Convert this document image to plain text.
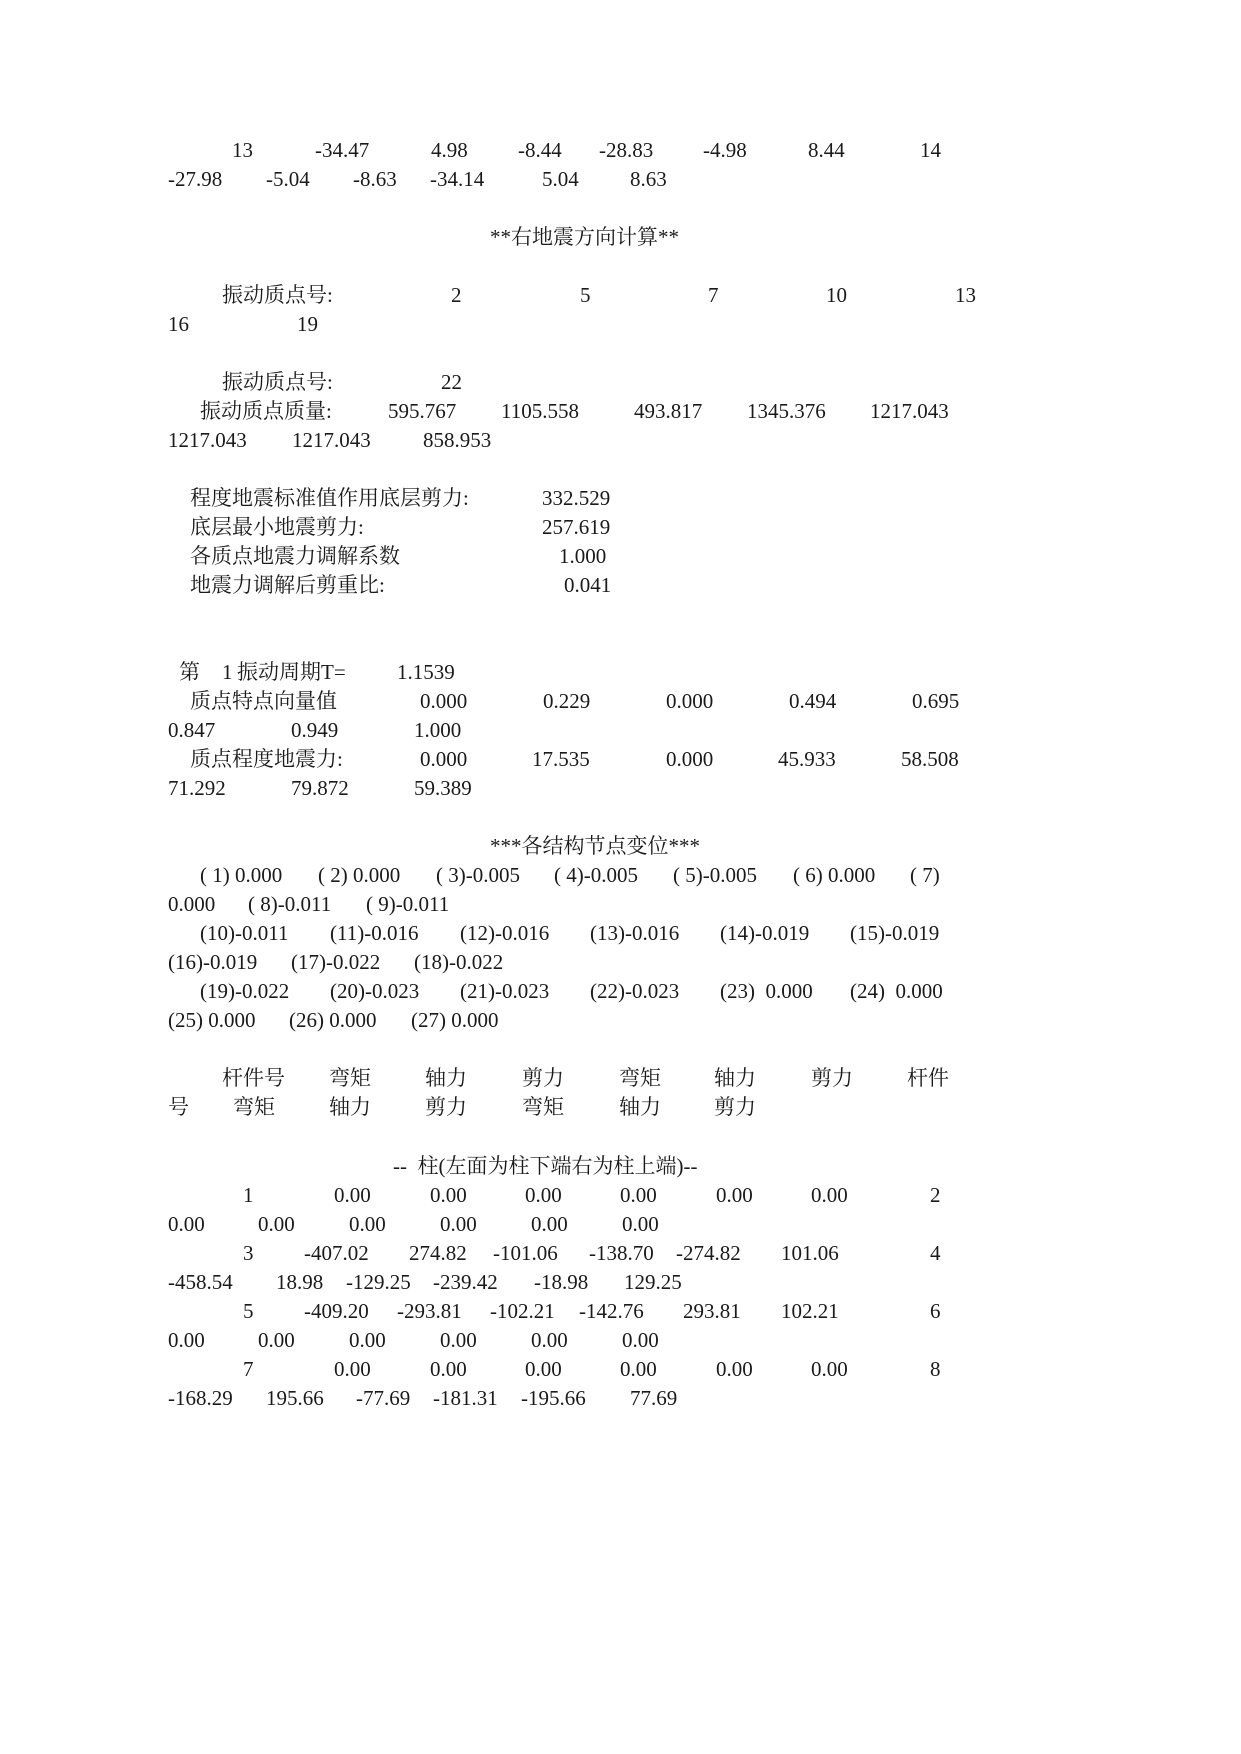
13	-34.47	4.98 -8.44 -28.83 -4.98	8.44	14
-27.98 -5.04 -8.63 -34.14	5.04 8.63
**右地震方向计算**
振动质点号:	2	5	7	10	13
16	19
振动质点号:	22
振动质点质量:	595.767 1105.558	493.817 1345.376 1217.043
1217.043 1217.043 858.953
程度地震标准值作用底层剪力:	332.529
底层最小地震剪力:	257.619
各质点地震力调解系数	1.000
地震力调解后剪重比:	0.041
第 1 振动周期T= 1.1539
质点特点向量值	0.000	0.229	0.000	0.494	0.695
0.847	0.949	1.000
质点程度地震力:	0.000	17.535	0.000	45.933	58.508
71.292	79.872	59.389
***各结构节点变位***
( 1) 0.000 ( 2) 0.000 ( 3)-0.005 ( 4)-0.005 ( 5)-0.005 ( 6) 0.000 ( 7)
0.000 ( 8)-0.011 ( 9)-0.011
(10)-0.011 (11)-0.016 (12)-0.016 (13)-0.016 (14)-0.019 (15)-0.019
(16)-0.019 (17)-0.022 (18)-0.022
(19)-0.022 (20)-0.023 (21)-0.023 (22)-0.023 (23)  0.000 (24)  0.000
(25) 0.000 (26) 0.000 (27) 0.000
杆件号 弯矩	轴力	剪力	弯矩	轴力	剪力	杆件
号 弯矩	轴力	剪力	弯矩	轴力	剪力
--  柱(左面为柱下端右为柱上端)--
1	0.00	0.00	0.00	0.00	0.00	0.00	2
0.00	0.00	0.00	0.00	0.00	0.00
3 -407.02 274.82 -101.06 -138.70 -274.82 101.06	4
-458.54 18.98 -129.25 -239.42 -18.98 129.25
5 -409.20 -293.81 -102.21 -142.76 293.81 102.21	6
0.00	0.00	0.00	0.00	0.00	0.00
7	0.00	0.00	0.00	0.00	0.00	0.00	8
-168.29 195.66 -77.69 -181.31 -195.66 77.69
